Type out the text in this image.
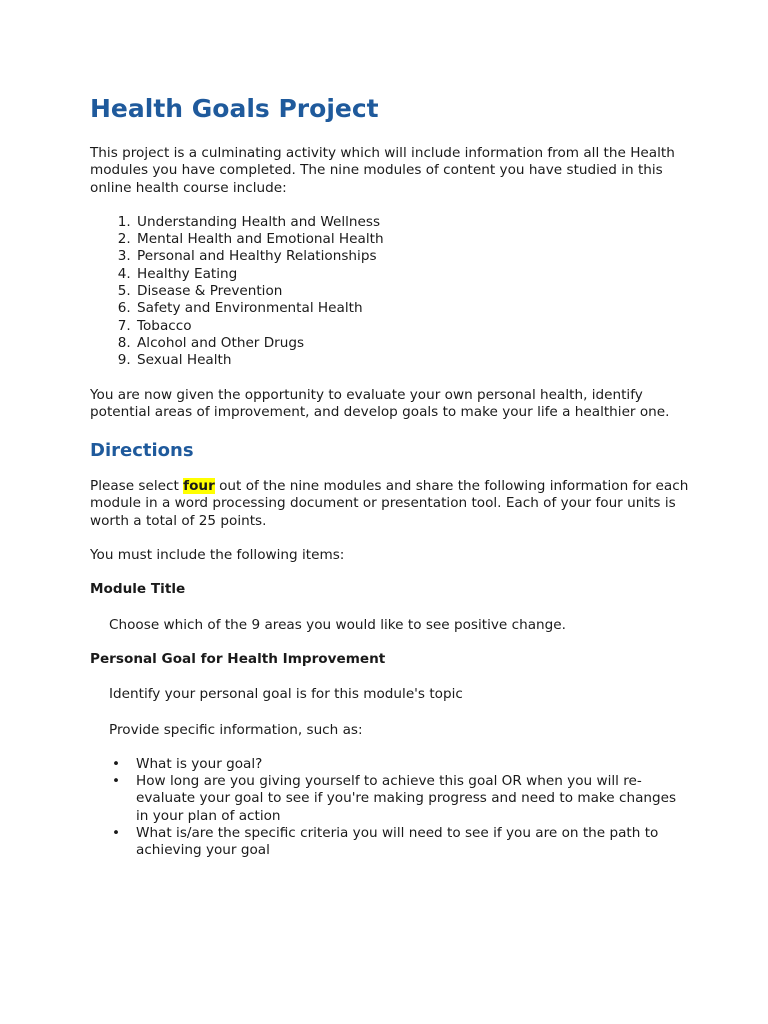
Health Goals Project

This project is a culminating activity which will include information from all the Health modules you have completed. The nine modules of content you have studied in this online health course include:

1. Understanding Health and Wellness
2. Mental Health and Emotional Health
3. Personal and Healthy Relationships
4. Healthy Eating
5. Disease & Prevention
6. Safety and Environmental Health
7. Tobacco
8. Alcohol and Other Drugs
9. Sexual Health

You are now given the opportunity to evaluate your own personal health, identify potential areas of improvement, and develop goals to make your life a healthier one.

Directions

Please select four out of the nine modules and share the following information for each module in a word processing document or presentation tool. Each of your four units is worth a total of 25 points.

You must include the following items:

Module Title

Choose which of the 9 areas you would like to see positive change.

Personal Goal for Health Improvement

Identify your personal goal is for this module's topic

Provide specific information, such as:

• What is your goal?
• How long are you giving yourself to achieve this goal OR when you will re-evaluate your goal to see if you're making progress and need to make changes in your plan of action
• What is/are the specific criteria you will need to see if you are on the path to achieving your goal
